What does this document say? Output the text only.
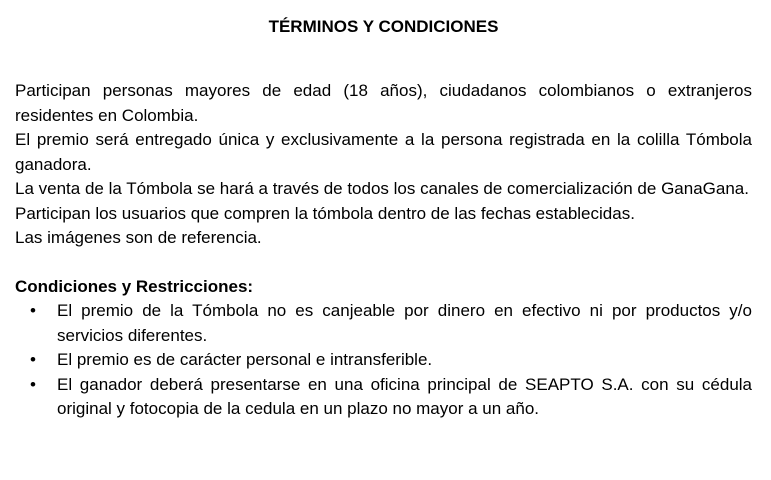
TÉRMINOS Y CONDICIONES

Participan personas mayores de edad (18 años), ciudadanos colombianos o extranjeros residentes en Colombia.

El premio será entregado única y exclusivamente a la persona registrada en la colilla Tómbola ganadora.

La venta de la Tómbola se hará a través de todos los canales de comercialización de GanaGana.

Participan los usuarios que compren la tómbola dentro de las fechas establecidas.

Las imágenes son de referencia.

Condiciones y Restricciones:
• El premio de la Tómbola no es canjeable por dinero en efectivo ni por productos y/o servicios diferentes.
• El premio es de carácter personal e intransferible.
• El ganador deberá presentarse en una oficina principal de SEAPTO S.A. con su cédula original y fotocopia de la cedula en un plazo no mayor a un año.
